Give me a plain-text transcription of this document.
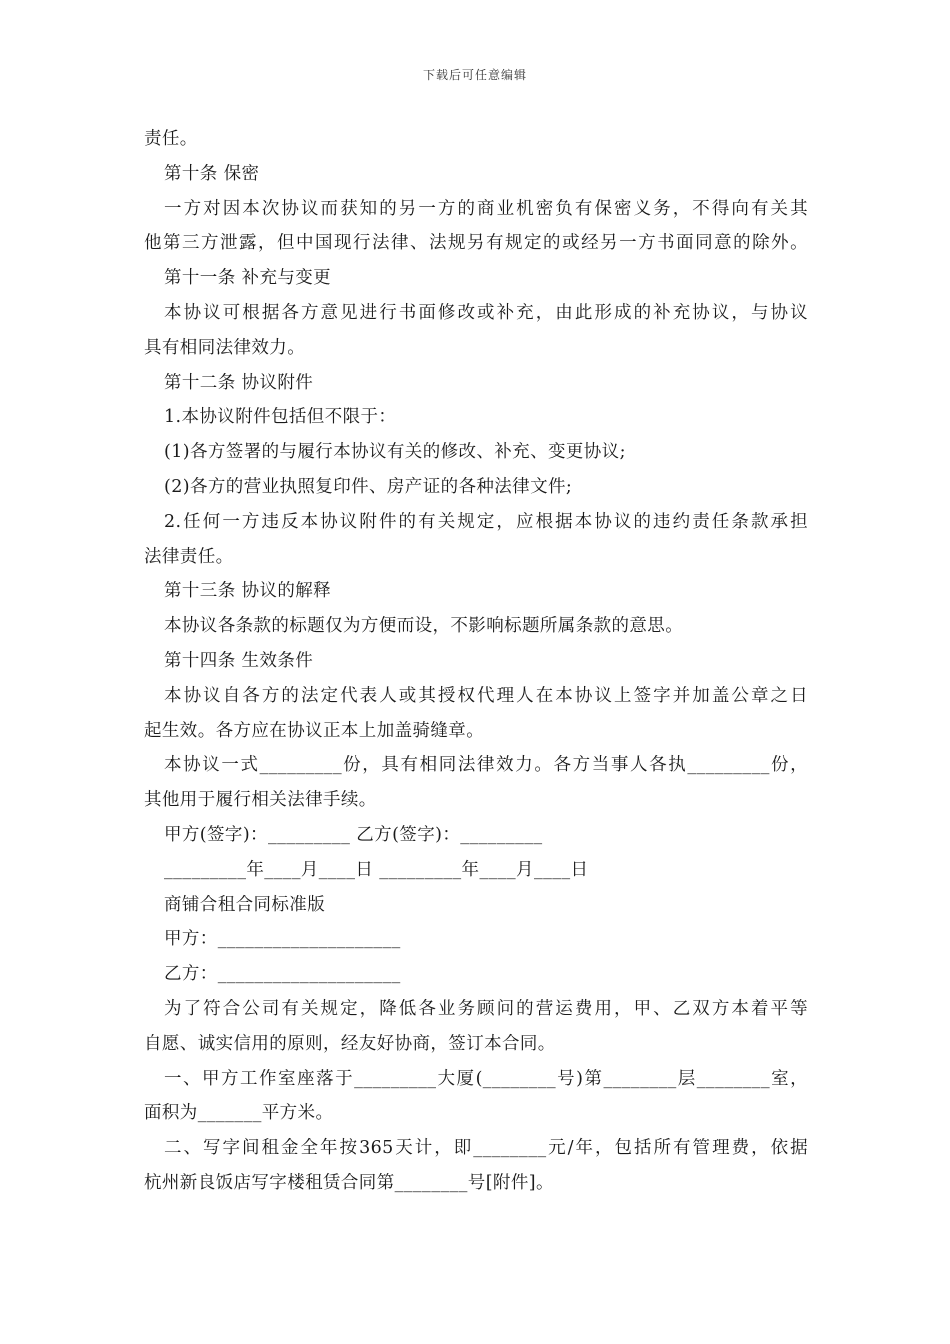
下载后可任意编辑
责任。
第十条 保密
一方对因本次协议而获知的另一方的商业机密负有保密义务，不得向有关其
他第三方泄露，但中国现行法律、法规另有规定的或经另一方书面同意的除外。
第十一条 补充与变更
本协议可根据各方意见进行书面修改或补充，由此形成的补充协议，与协议
具有相同法律效力。
第十二条 协议附件
1.本协议附件包括但不限于：
(1)各方签署的与履行本协议有关的修改、补充、变更协议;
(2)各方的营业执照复印件、房产证的各种法律文件;
2.任何一方违反本协议附件的有关规定，应根据本协议的违约责任条款承担
法律责任。
第十三条 协议的解释
本协议各条款的标题仅为方便而设，不影响标题所属条款的意思。
第十四条 生效条件
本协议自各方的法定代表人或其授权代理人在本协议上签字并加盖公章之日
起生效。各方应在协议正本上加盖骑缝章。
本协议一式_________份，具有相同法律效力。各方当事人各执_________份，
其他用于履行相关法律手续。
甲方(签字)：_________ 乙方(签字)：_________
_________年____月____日 _________年____月____日
商铺合租合同标准版
甲方：____________________
乙方：____________________
为了符合公司有关规定，降低各业务顾问的营运费用，甲、乙双方本着平等
自愿、诚实信用的原则，经友好协商，签订本合同。
一、甲方工作室座落于_________大厦(________号)第________层________室，
面积为_______平方米。
二、写字间租金全年按365天计，即________元/年，包括所有管理费，依据
杭州新良饭店写字楼租赁合同第________号[附件]。
